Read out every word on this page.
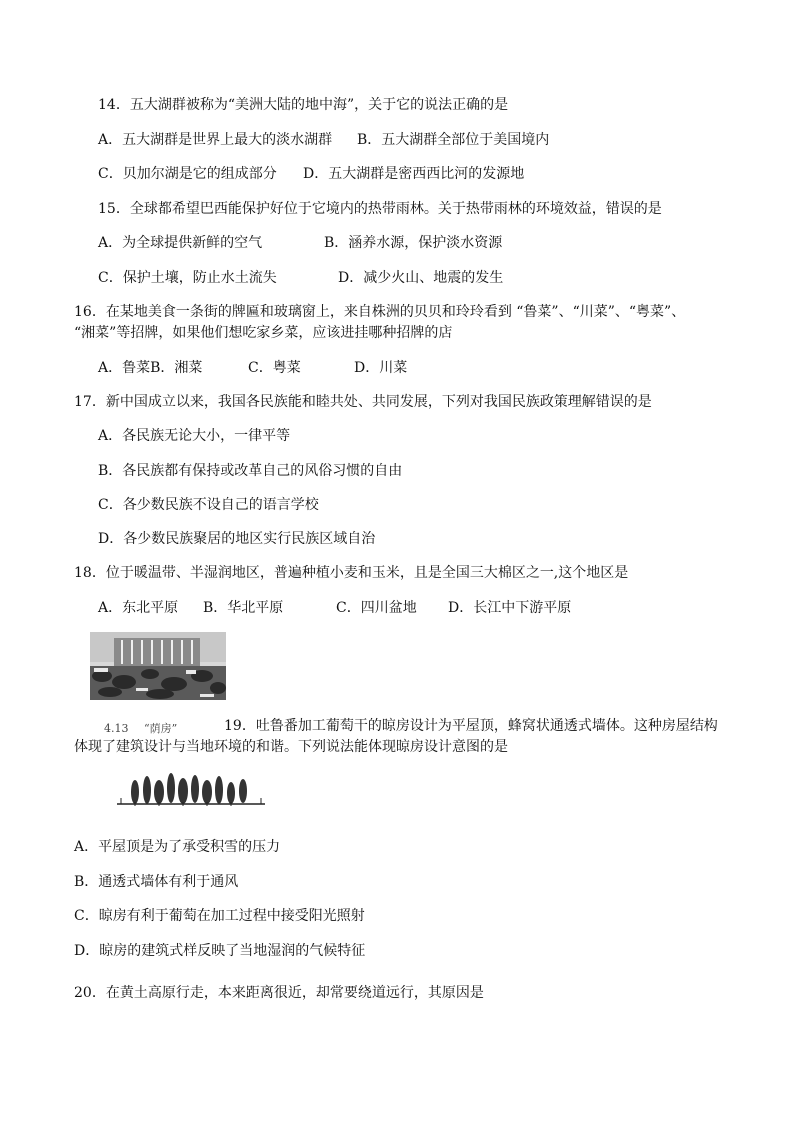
14．五大湖群被称为“美洲大陆的地中海”，关于它的说法正确的是
A．五大湖群是世界上最大的淡水湖群 B．五大湖群全部位于美国境内
C．贝加尔湖是它的组成部分 D．五大湖群是密西西比河的发源地
15．全球都希望巴西能保护好位于它境内的热带雨林。关于热带雨林的环境效益，错误的是
A．为全球提供新鲜的空气	B．涵养水源，保护淡水资源
C．保护土壤，防止水土流失	D．减少火山、地震的发生
16．在某地美食一条街的牌匾和玻璃窗上，来自株洲的贝贝和玲玲看到 “鲁菜”、“川菜”、“粤菜”、
“湘菜”等招牌，如果他们想吃家乡菜，应该进挂哪种招牌的店
A．鲁菜B．湘菜	C．粤菜	D．川菜
17．新中国成立以来，我国各民族能和睦共处、共同发展，下列对我国民族政策理解错误的是
A．各民族无论大小，一律平等
B．各民族都有保持或改革自己的风俗习惯的自由
C．各少数民族不设自己的语言学校
D．各少数民族聚居的地区实行民族区域自治
18．位于暖温带、半湿润地区，普遍种植小麦和玉米，且是全国三大棉区之一,这个地区是
A．东北平原 B．华北平原	C．四川盆地 D．长江中下游平原
4.13 “荫房”	19．吐鲁番加工葡萄干的晾房设计为平屋顶，蜂窝状通透式墙体。这种房屋结构
体现了建筑设计与当地环境的和谐。下列说法能体现晾房设计意图的是
A．平屋顶是为了承受积雪的压力
B．通透式墙体有利于通风
C．晾房有利于葡萄在加工过程中接受阳光照射
D．晾房的建筑式样反映了当地湿润的气候特征
20．在黄土高原行走，本来距离很近，却常要绕道远行，其原因是
